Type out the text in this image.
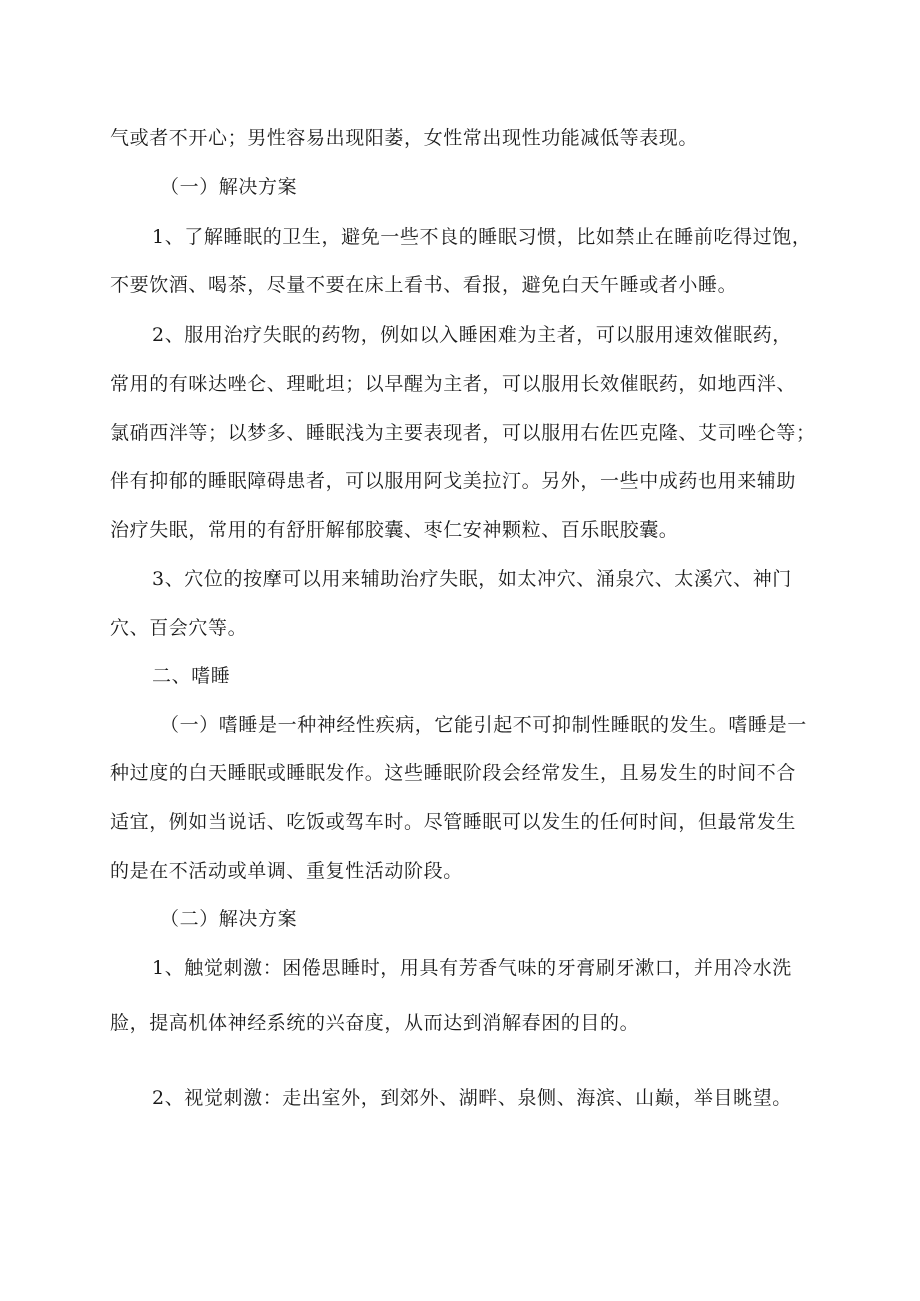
气或者不开心；男性容易出现阳萎，女性常出现性功能减低等表现。
（一）解决方案
1、了解睡眠的卫生，避免一些不良的睡眠习惯，比如禁止在睡前吃得过饱，
不要饮酒、喝茶，尽量不要在床上看书、看报，避免白天午睡或者小睡。
2、服用治疗失眠的药物，例如以入睡困难为主者，可以服用速效催眠药，
常用的有咪达唑仑、理毗坦；以早醒为主者，可以服用长效催眠药，如地西泮、
氯硝西泮等；以梦多、睡眠浅为主要表现者，可以服用右佐匹克隆、艾司唑仑等；
伴有抑郁的睡眠障碍患者，可以服用阿戈美拉汀。另外，一些中成药也用来辅助
治疗失眠，常用的有舒肝解郁胶囊、枣仁安神颗粒、百乐眠胶囊。
3、穴位的按摩可以用来辅助治疗失眠，如太冲穴、涌泉穴、太溪穴、神门
穴、百会穴等。
二、嗜睡
（一）嗜睡是一种神经性疾病，它能引起不可抑制性睡眠的发生。嗜睡是一
种过度的白天睡眠或睡眠发作。这些睡眠阶段会经常发生，且易发生的时间不合
适宜，例如当说话、吃饭或驾车时。尽管睡眠可以发生的任何时间，但最常发生
的是在不活动或单调、重复性活动阶段。
（二）解决方案
1、触觉刺激：困倦思睡时，用具有芳香气味的牙膏刷牙漱口，并用冷水洗
脸，提高机体神经系统的兴奋度，从而达到消解春困的目的。
2、视觉刺激：走出室外，到郊外、湖畔、泉侧、海滨、山巅，举目眺望。
